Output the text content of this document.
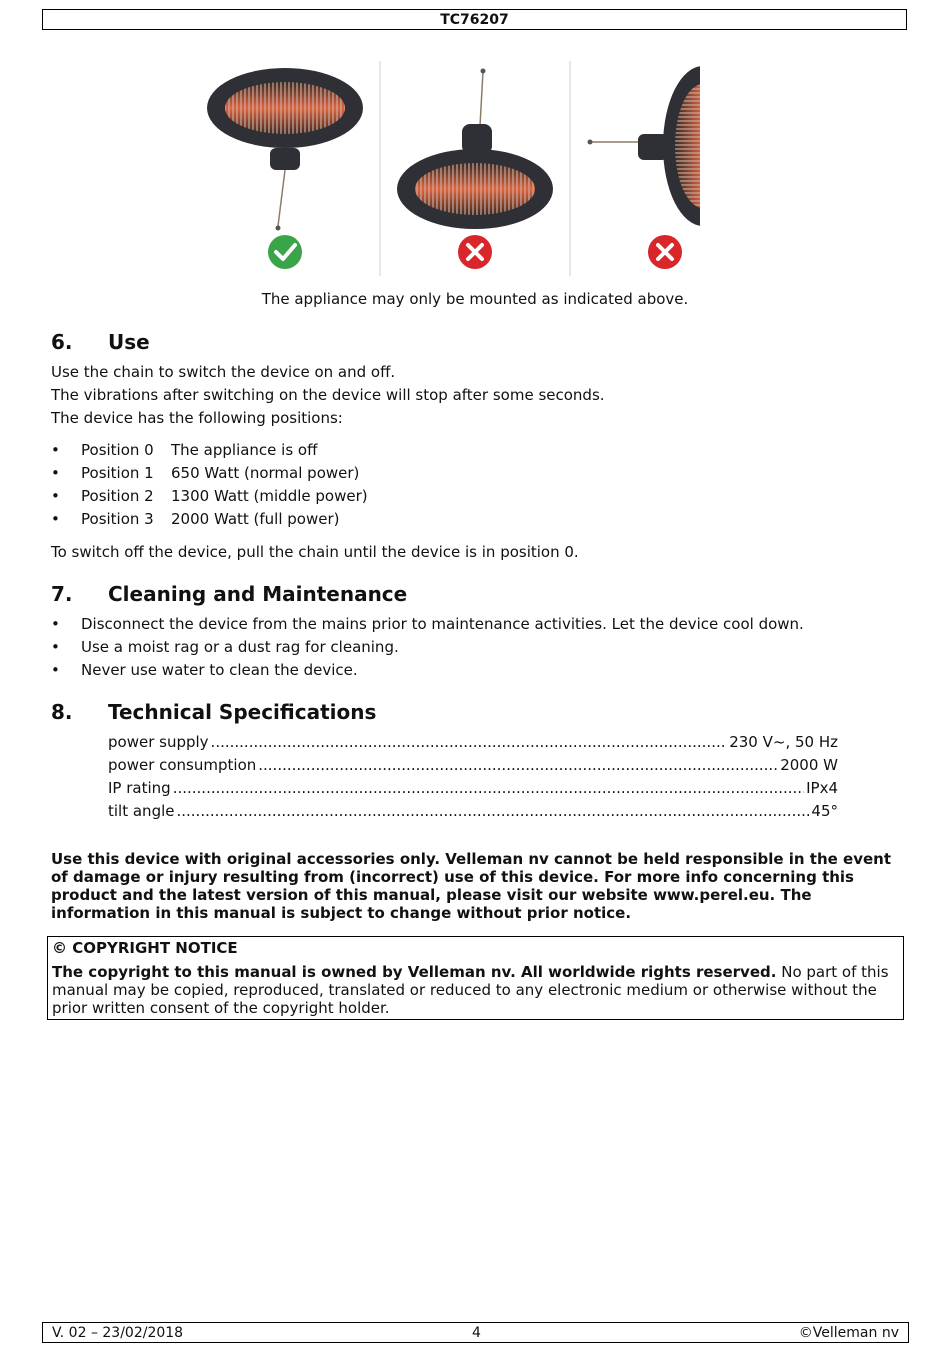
TC76207
The appliance may only be mounted as indicated above.
6. Use
Use the chain to switch the device on and off.
The vibrations after switching on the device will stop after some seconds.
The device has the following positions:
• Position 0 The appliance is off
• Position 1 650 Watt (normal power)
• Position 2 1300 Watt (middle power)
• Position 3 2000 Watt (full power)
To switch off the device, pull the chain until the device is in position 0.
7. Cleaning and Maintenance
• Disconnect the device from the mains prior to maintenance activities. Let the device cool down.
• Use a moist rag or a dust rag for cleaning.
• Never use water to clean the device.
8. Technical Specifications
power supply .....	230 V~, 50 Hz
power consumption .....	2000 W
IP rating .....	IPx4
tilt angle .....	45°
Use this device with original accessories only. Velleman nv cannot be held responsible in the event of damage or injury resulting from (incorrect) use of this device. For more info concerning this product and the latest version of this manual, please visit our website www.perel.eu. The information in this manual is subject to change without prior notice.
© COPYRIGHT NOTICE
The copyright to this manual is owned by Velleman nv. All worldwide rights reserved. No part of this manual may be copied, reproduced, translated or reduced to any electronic medium or otherwise without the prior written consent of the copyright holder.
V. 02 – 23/02/2018	4	©Velleman nv
